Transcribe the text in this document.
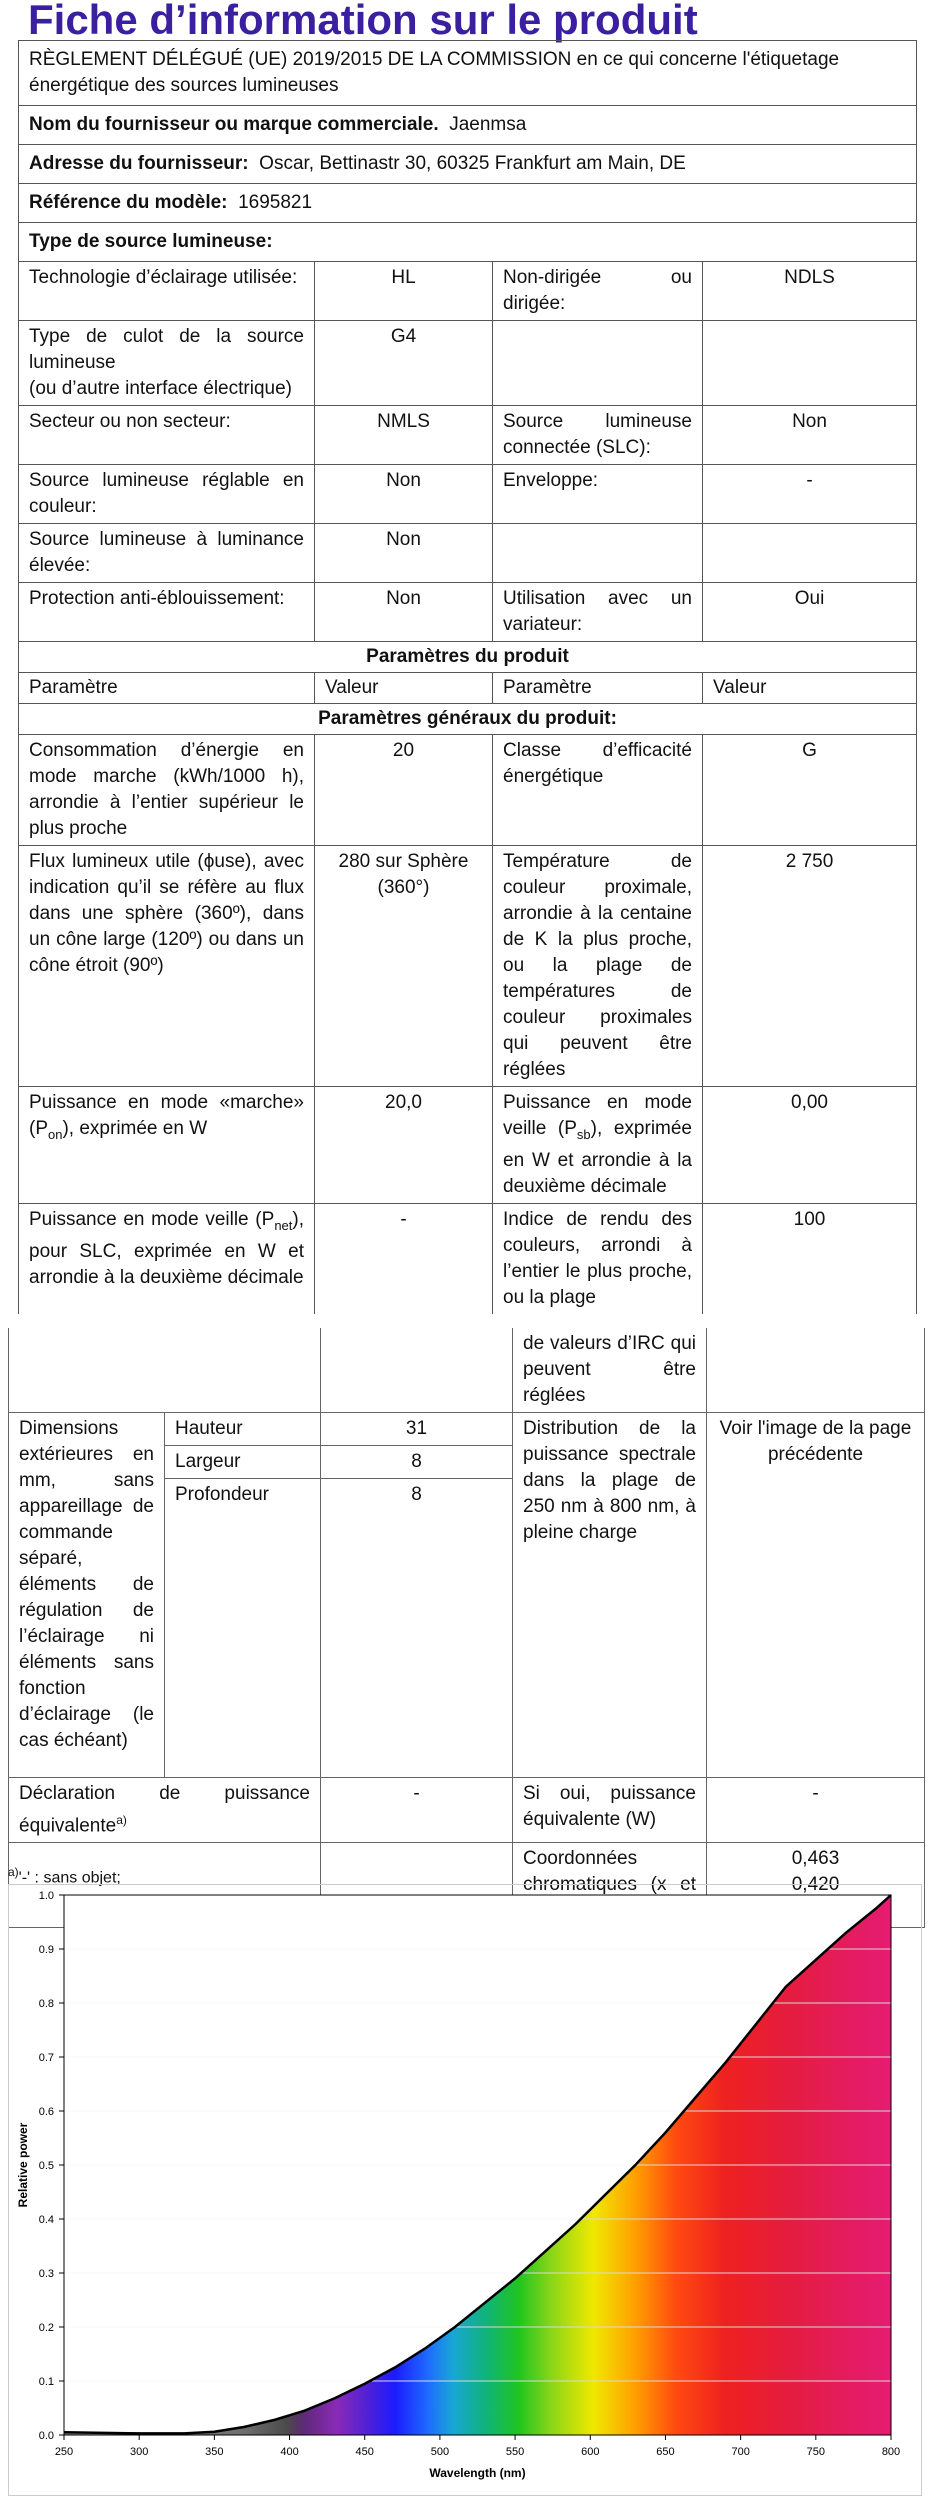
Fiche d’information sur le produit
RÈGLEMENT DÉLÉGUÉ (UE) 2019/2015 DE LA COMMISSION en ce qui concerne l'étiquetage énergétique des sources lumineuses			
Nom du fournisseur ou marque commerciale. Jaenmsa			
Adresse du fournisseur: Oscar, Bettinastr 30, 60325 Frankfurt am Main, DE			
Référence du modèle: 1695821			
Type de source lumineuse:			
Technologie d’éclairage utilisée:	HL	Non-dirigée ou dirigée:	NDLS

Type de culot de la source lumineuse
(ou d’autre interface électrique)	G4		
Secteur ou non secteur:	NMLS	Source lumineuse connectée (SLC):	Non
Source lumineuse réglable en couleur:	Non	Enveloppe:	-
Source lumineuse à luminance élevée:	Non		
Protection anti-éblouissement:	Non	Utilisation avec un variateur:	Oui
Paramètres du produit			
Paramètre	Valeur	Paramètre	Valeur
Paramètres généraux du produit:			
Consommation d’énergie en mode marche (kWh/1000 h), arrondie à l’entier supérieur le plus proche	20	Classe d’efficacité énergétique	G
Flux lumineux utile (ϕuse), avec indication qu’il se réfère au flux dans une sphère (360º), dans un cône large (120º) ou dans un cône étroit (90º)	280 sur Sphère (360°)	Température de couleur proximale, arrondie à la centaine de K la plus proche, ou la plage de températures de couleur proximales qui peuvent être réglées	2 750
Puissance en mode «marche» $(P_{on})$, exprimée en W	20,0	Puissance en mode veille $(P_{sb})$, exprimée en W et arrondie à la deuxième décimale	0,00
Puissance en mode veille $(P_{net})$, pour SLC, exprimée en W et arrondie à la deuxième décimale	-	Indice de rendu des couleurs, arrondi à l’entier le plus proche, ou la plage	100
			de valeurs d’IRC qui peuvent être réglées	
Dimensions extérieures en mm, sans appareillage de commande séparé, éléments de régulation de l’éclairage ni éléments sans fonction d’éclairage (le cas échéant)	Hauteur	31	Distribution de la puissance spectrale dans la plage de 250 nm à 800 nm, à pleine charge	Voir l'image de la page précédente
	Largeur	8		
	Profondeur	8		

Déclaration de puissance équivalente$^{a)}$		-	Si oui, puissance équivalente (W)	-
			Coordonnées chromatiques (x et	0,463
0,420
$^{a)}$'-' : sans objet;
250	300	350	400	450	500	550	600	650	700	750	800
0.0
0.1
0.2
0.3
0.4
0.5
0.6
0.7
0.8
0.9
1.0
Wavelength (nm)
Relative power
